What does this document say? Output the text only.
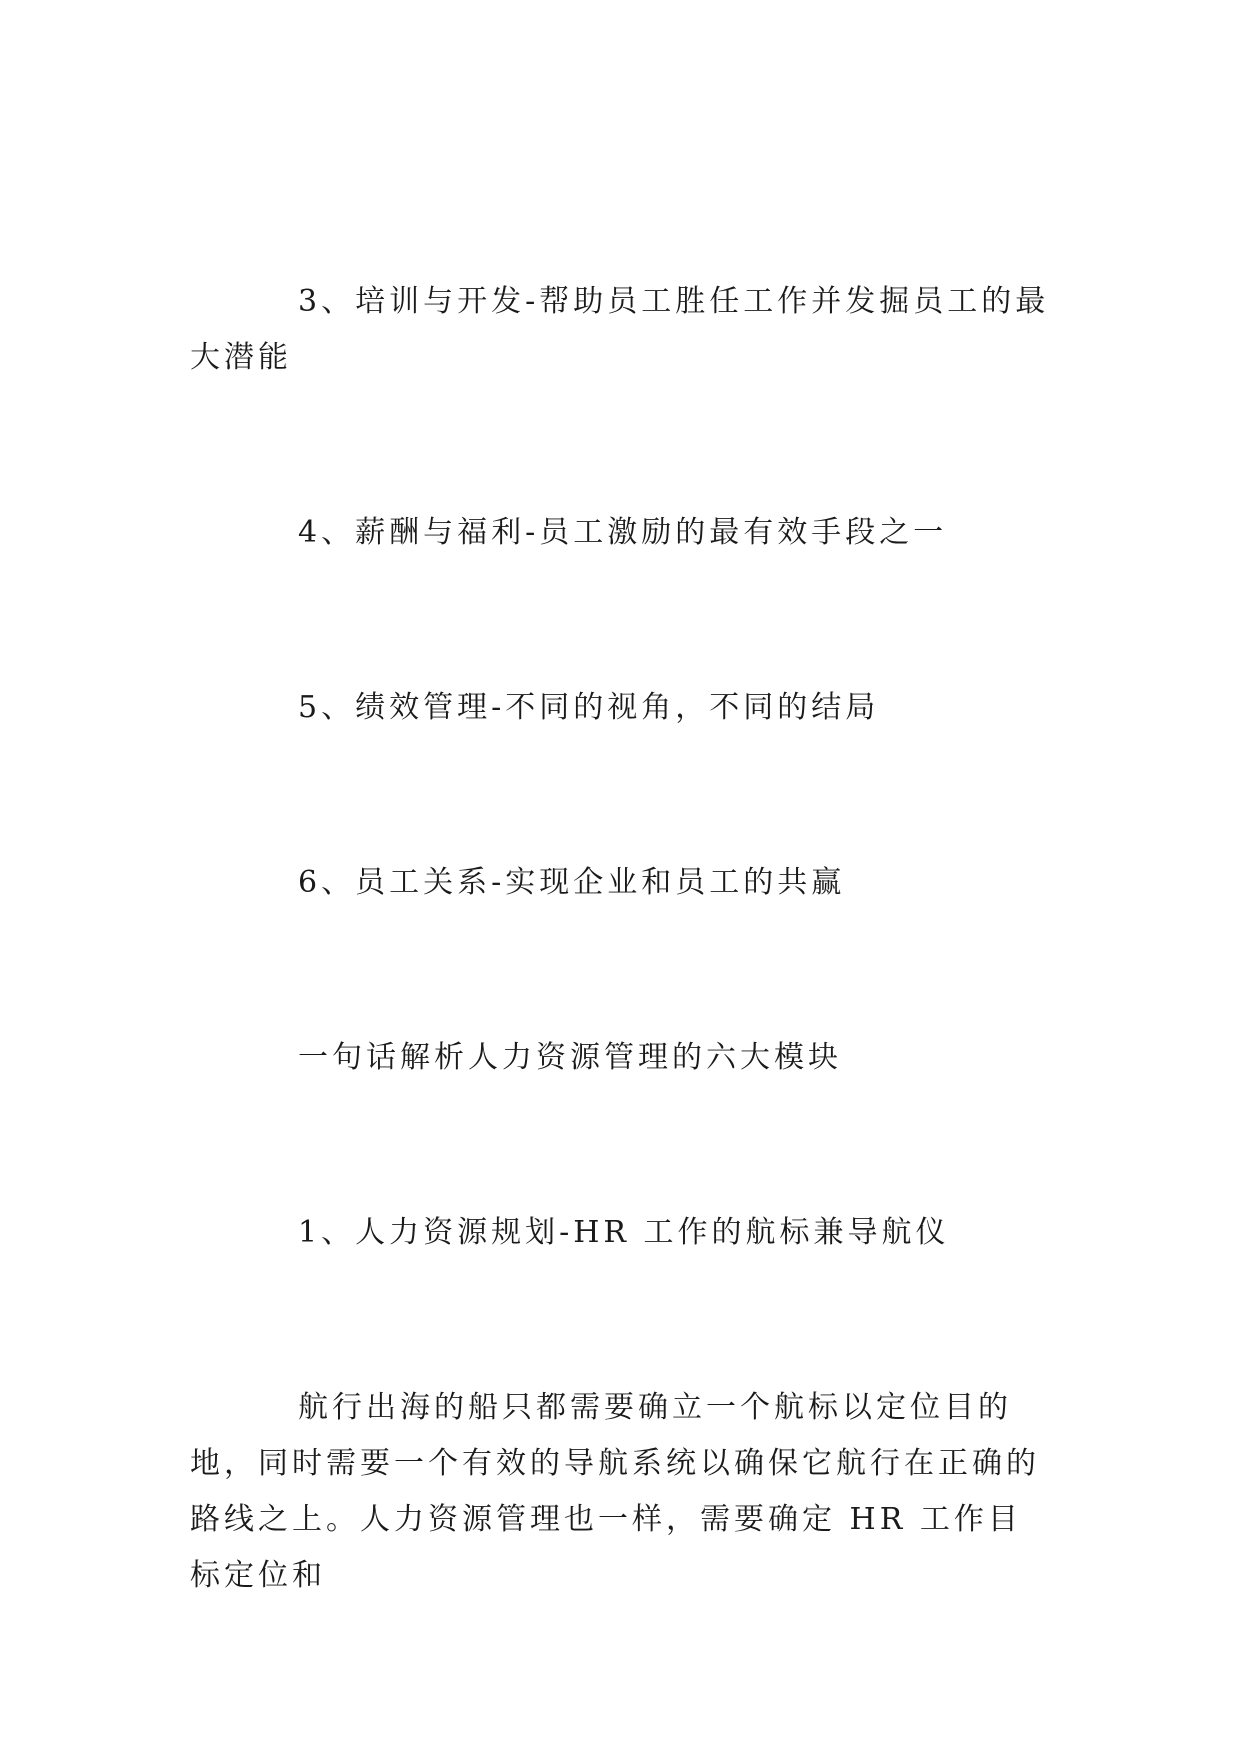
3、培训与开发-帮助员工胜任工作并发掘员工的最大潜能

4、薪酬与福利-员工激励的最有效手段之一

5、绩效管理-不同的视角，不同的结局

6、员工关系-实现企业和员工的共赢

一句话解析人力资源管理的六大模块

1、人力资源规划-HR 工作的航标兼导航仪

航行出海的船只都需要确立一个航标以定位目的地，同时需要一个有效的导航系统以确保它航行在正确的路线之上。人力资源管理也一样，需要确定 HR 工作目标定位和
